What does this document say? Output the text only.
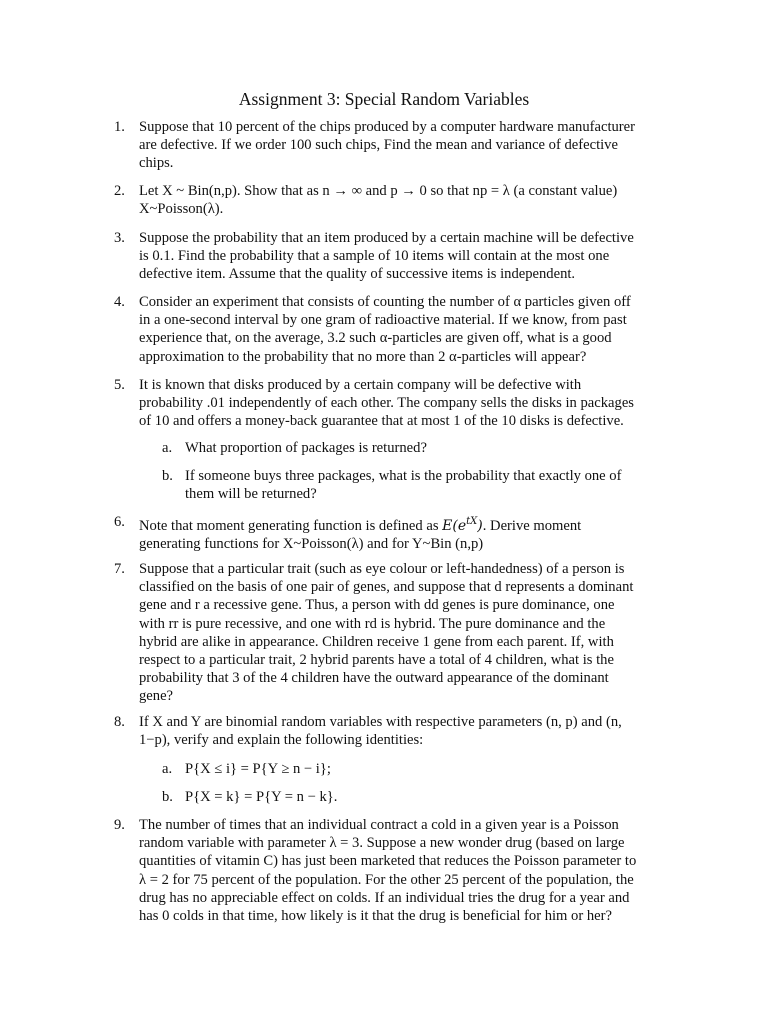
Assignment 3: Special Random Variables
1. Suppose that 10 percent of the chips produced by a computer hardware manufacturer
are defective. If we order 100 such chips, Find the mean and variance of defective
chips.
2. Let X ~ Bin(n,p). Show that as n → ∞ and p → 0 so that np = λ (a constant value)
X~Poisson(λ).
3. Suppose the probability that an item produced by a certain machine will be defective
is 0.1. Find the probability that a sample of 10 items will contain at the most one
defective item. Assume that the quality of successive items is independent.
4. Consider an experiment that consists of counting the number of α particles given off
in a one-second interval by one gram of radioactive material. If we know, from past
experience that, on the average, 3.2 such α-particles are given off, what is a good
approximation to the probability that no more than 2 α-particles will appear?
5. It is known that disks produced by a certain company will be defective with
probability .01 independently of each other. The company sells the disks in packages
of 10 and offers a money-back guarantee that at most 1 of the 10 disks is defective.
a. What proportion of packages is returned?
b. If someone buys three packages, what is the probability that exactly one of
them will be returned?
6. Note that moment generating function is defined as $E(e^{tX})$. Derive moment
generating functions for X~Poisson(λ) and for Y~Bin (n,p)
7. Suppose that a particular trait (such as eye colour or left-handedness) of a person is
classified on the basis of one pair of genes, and suppose that d represents a dominant
gene and r a recessive gene. Thus, a person with dd genes is pure dominance, one
with rr is pure recessive, and one with rd is hybrid. The pure dominance and the
hybrid are alike in appearance. Children receive 1 gene from each parent. If, with
respect to a particular trait, 2 hybrid parents have a total of 4 children, what is the
probability that 3 of the 4 children have the outward appearance of the dominant
gene?
8. If X and Y are binomial random variables with respective parameters (n, p) and (n,
1−p), verify and explain the following identities:
a. P{X ≤ i} = P{Y ≥ n − i};
b. P{X = k} = P{Y = n − k}.
9. The number of times that an individual contract a cold in a given year is a Poisson
random variable with parameter λ = 3. Suppose a new wonder drug (based on large
quantities of vitamin C) has just been marketed that reduces the Poisson parameter to
λ = 2 for 75 percent of the population. For the other 25 percent of the population, the
drug has no appreciable effect on colds. If an individual tries the drug for a year and
has 0 colds in that time, how likely is it that the drug is beneficial for him or her?
